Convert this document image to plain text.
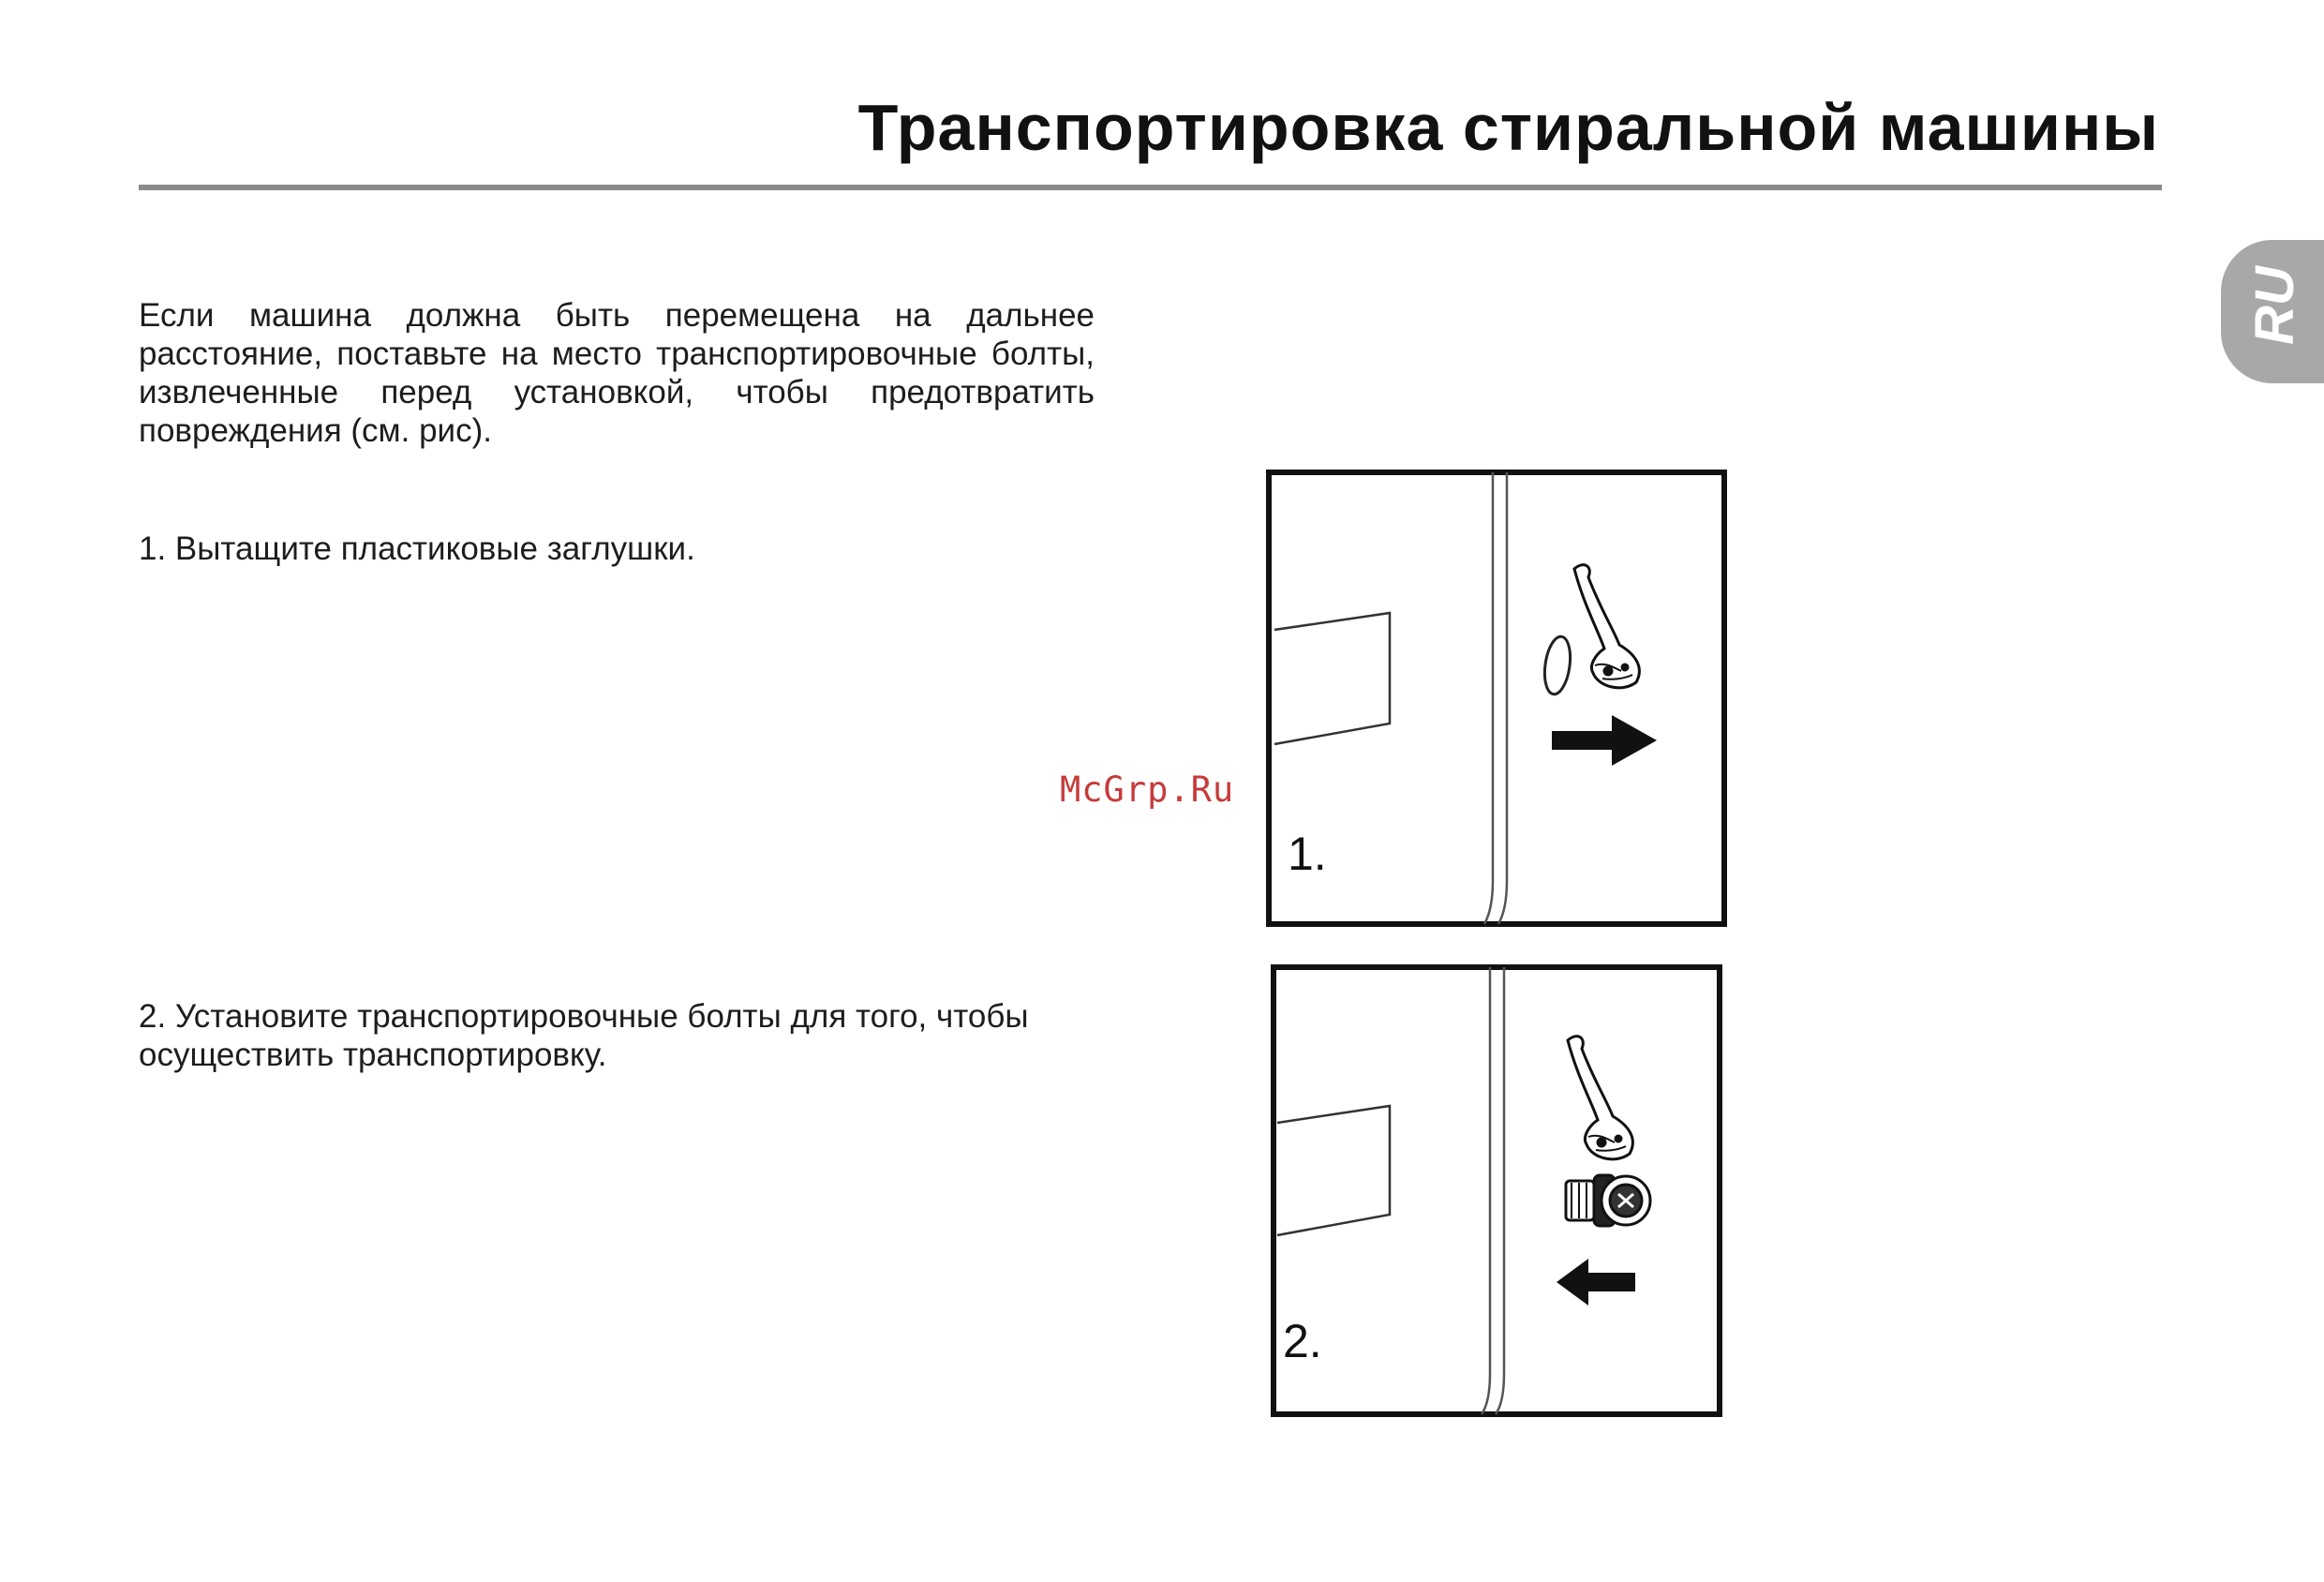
Транспортировка стиральной машины
RU

Если машина должна быть перемещена на дальнее расстояние, поставьте на место транспортировочные болты, извлеченные перед установкой, чтобы предотвратить повреждения (см. рис).

1. Вытащите пластиковые заглушки.

2. Установите транспортировочные болты для того, чтобы осуществить транспортировку.

McGrp.Ru

1.
2.
